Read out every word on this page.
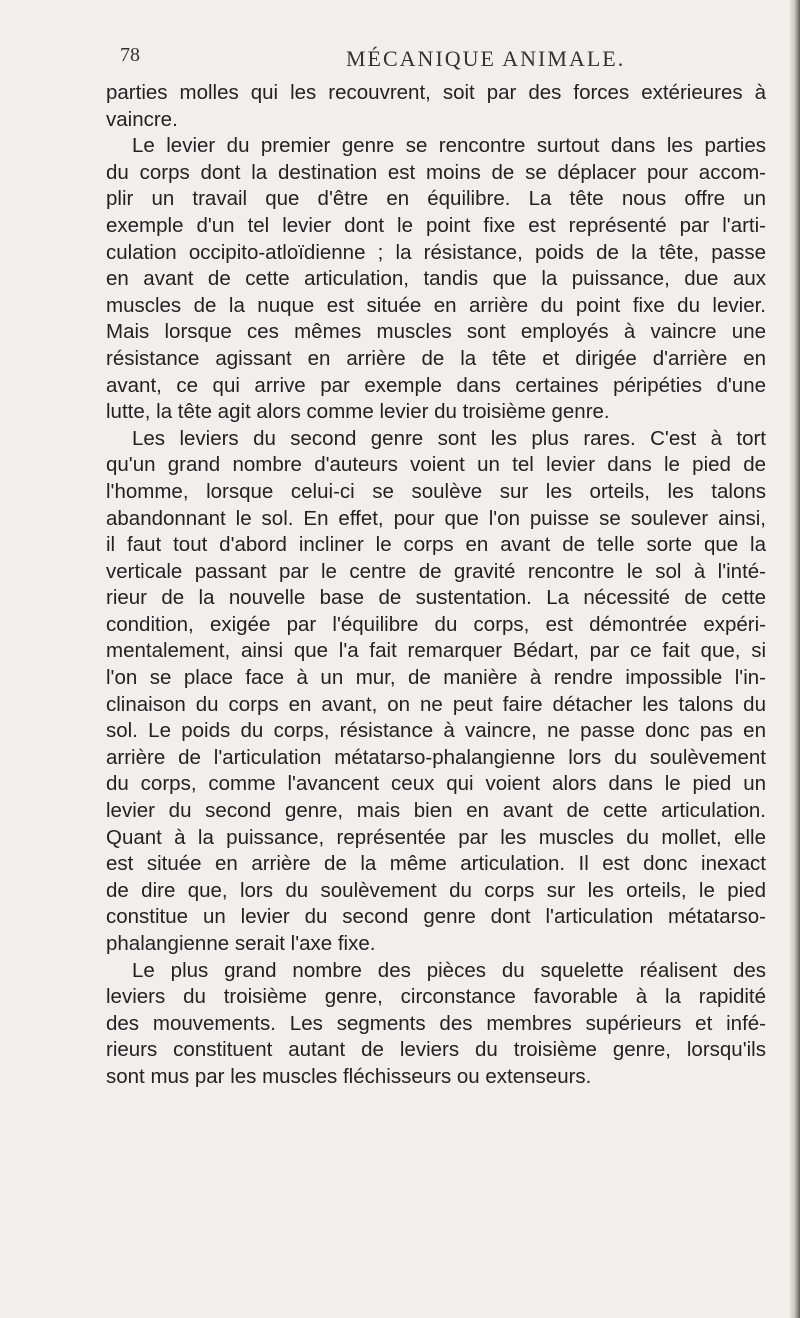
78	MÉCANIQUE ANIMALE.
parties molles qui les recouvrent, soit par des forces extérieures à
vaincre.
Le levier du premier genre se rencontre surtout dans les parties
du corps dont la destination est moins de se déplacer pour accom-
plir un travail que d'être en équilibre. La tête nous offre un
exemple d'un tel levier dont le point fixe est représenté par l'arti-
culation occipito-atloïdienne ; la résistance, poids de la tête, passe
en avant de cette articulation, tandis que la puissance, due aux
muscles de la nuque est située en arrière du point fixe du levier.
Mais lorsque ces mêmes muscles sont employés à vaincre une
résistance agissant en arrière de la tête et dirigée d'arrière en
avant, ce qui arrive par exemple dans certaines péripéties d'une
lutte, la tête agit alors comme levier du troisième genre.
Les leviers du second genre sont les plus rares. C'est à tort
qu'un grand nombre d'auteurs voient un tel levier dans le pied de
l'homme, lorsque celui-ci se soulève sur les orteils, les talons
abandonnant le sol. En effet, pour que l'on puisse se soulever ainsi,
il faut tout d'abord incliner le corps en avant de telle sorte que la
verticale passant par le centre de gravité rencontre le sol à l'inté-
rieur de la nouvelle base de sustentation. La nécessité de cette
condition, exigée par l'équilibre du corps, est démontrée expéri-
mentalement, ainsi que l'a fait remarquer Bédart, par ce fait que, si
l'on se place face à un mur, de manière à rendre impossible l'in-
clinaison du corps en avant, on ne peut faire détacher les talons du
sol. Le poids du corps, résistance à vaincre, ne passe donc pas en
arrière de l'articulation métatarso-phalangienne lors du soulèvement
du corps, comme l'avancent ceux qui voient alors dans le pied un
levier du second genre, mais bien en avant de cette articulation.
Quant à la puissance, représentée par les muscles du mollet, elle
est située en arrière de la même articulation. Il est donc inexact
de dire que, lors du soulèvement du corps sur les orteils, le pied
constitue un levier du second genre dont l'articulation métatarso-
phalangienne serait l'axe fixe.
Le plus grand nombre des pièces du squelette réalisent des
leviers du troisième genre, circonstance favorable à la rapidité
des mouvements. Les segments des membres supérieurs et infé-
rieurs constituent autant de leviers du troisième genre, lorsqu'ils
sont mus par les muscles fléchisseurs ou extenseurs.
